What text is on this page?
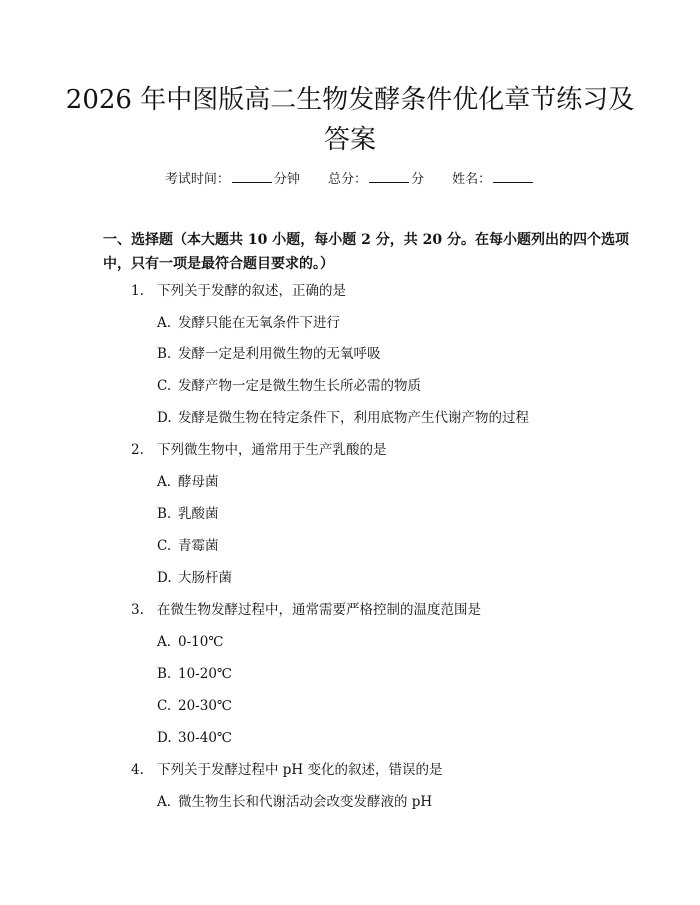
2026 年中图版高二生物发酵条件优化章节练习及答案
考试时间：	分钟 总分：	分 姓名：
一、选择题（本大题共 10 小题，每小题 2 分，共 20 分。在每小题列出的四个选项中，只有一项是最符合题目要求的。）
1. 下列关于发酵的叙述，正确的是
A. 发酵只能在无氧条件下进行
B. 发酵一定是利用微生物的无氧呼吸
C. 发酵产物一定是微生物生长所必需的物质
D. 发酵是微生物在特定条件下，利用底物产生代谢产物的过程
2. 下列微生物中，通常用于生产乳酸的是
A. 酵母菌
B. 乳酸菌
C. 青霉菌
D. 大肠杆菌
3. 在微生物发酵过程中，通常需要严格控制的温度范围是
A. 0-10℃
B. 10-20℃
C. 20-30℃
D. 30-40℃
4. 下列关于发酵过程中 pH 变化的叙述，错误的是
A. 微生物生长和代谢活动会改变发酵液的 pH
